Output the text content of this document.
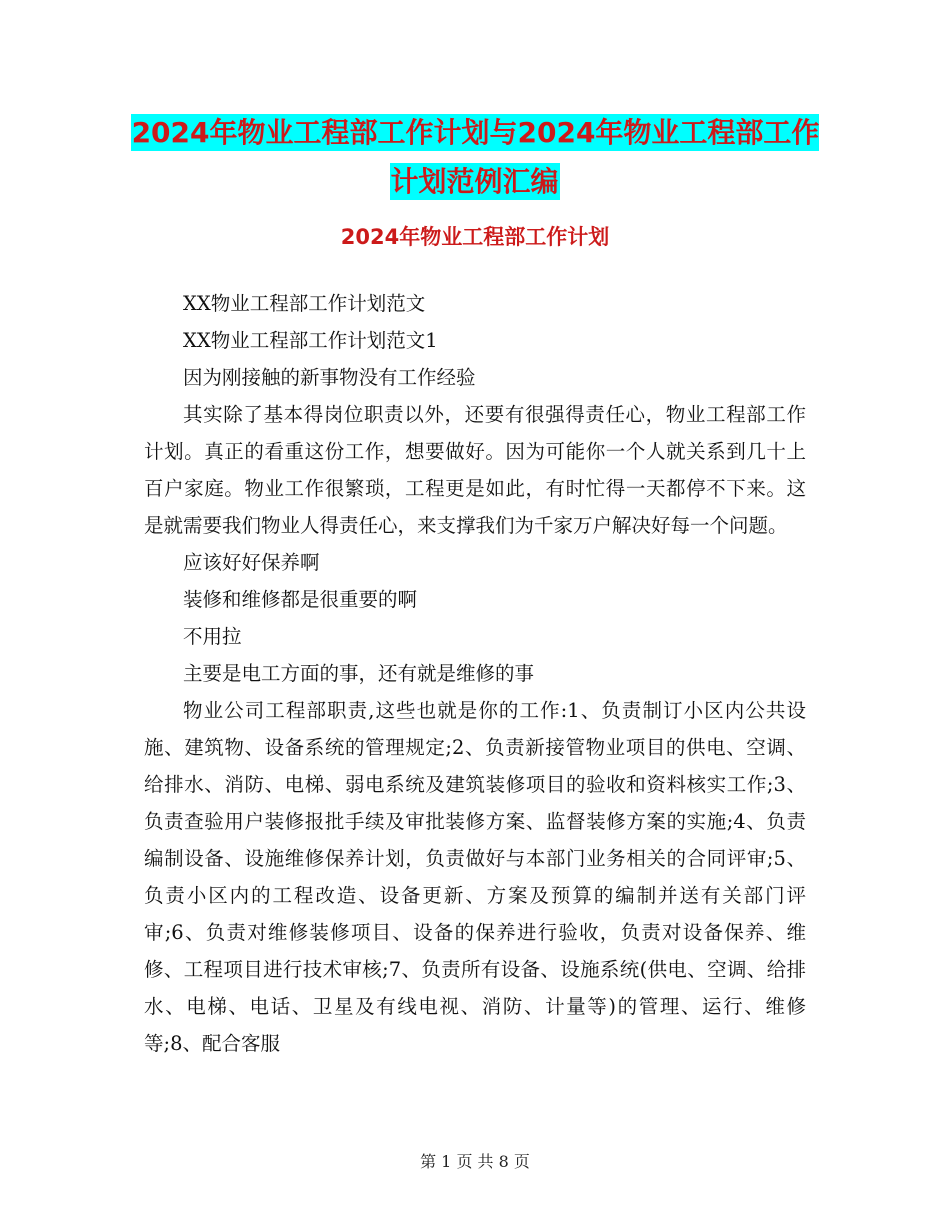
2024年物业工程部工作计划与2024年物业工程部工作计划范例汇编
2024年物业工程部工作计划

XX物业工程部工作计划范文

XX物业工程部工作计划范文1

因为刚接触的新事物没有工作经验

其实除了基本得岗位职责以外，还要有很强得责任心，物业工程部工作计划。真正的看重这份工作，想要做好。因为可能你一个人就关系到几十上百户家庭。物业工作很繁琐，工程更是如此，有时忙得一天都停不下来。这是就需要我们物业人得责任心，来支撑我们为千家万户解决好每一个问题。

应该好好保养啊

装修和维修都是很重要的啊

不用拉

主要是电工方面的事，还有就是维修的事

物业公司工程部职责,这些也就是你的工作:1、负责制订小区内公共设施、建筑物、设备系统的管理规定;2、负责新接管物业项目的供电、空调、给排水、消防、电梯、弱电系统及建筑装修项目的验收和资料核实工作;3、负责查验用户装修报批手续及审批装修方案、监督装修方案的实施;4、负责编制设备、设施维修保养计划，负责做好与本部门业务相关的合同评审;5、负责小区内的工程改造、设备更新、方案及预算的编制并送有关部门评审;6、负责对维修装修项目、设备的保养进行验收，负责对设备保养、维修、工程项目进行技术审核;7、负责所有设备、设施系统(供电、空调、给排水、电梯、电话、卫星及有线电视、消防、计量等)的管理、运行、维修等;8、配合客服

第 1 页 共 8 页
